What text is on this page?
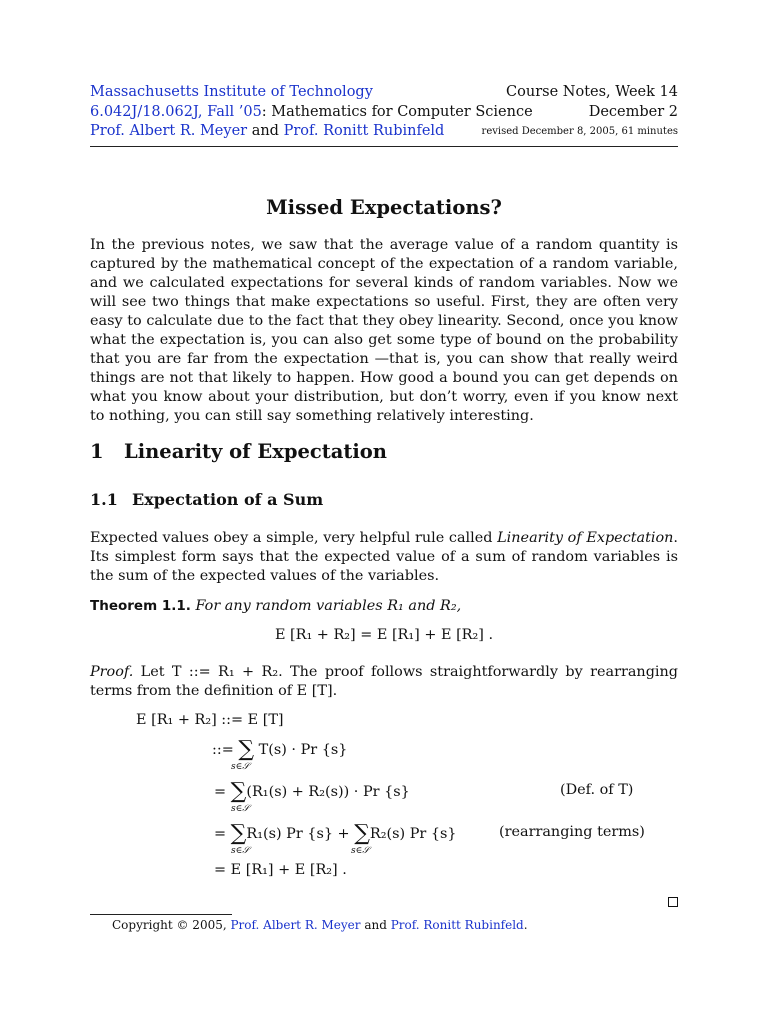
Massachusetts Institute of Technology
6.042J/18.062J, Fall ’05: Mathematics for Computer Science
Prof. Albert R. Meyer and Prof. Ronitt Rubinfeld
Course Notes, Week 14
December 2
revised December 8, 2005, 61 minutes
Missed Expectations?

In the previous notes, we saw that the average value of a random quantity is captured by the mathematical concept of the expectation of a random variable, and we calculated expectations for several kinds of random variables. Now we will see two things that make expectations so useful. First, they are often very easy to calculate due to the fact that they obey linearity. Second, once you know what the expectation is, you can also get some type of bound on the probability that you are far from the expectation —that is, you can show that really weird things are not that likely to happen. How good a bound you can get depends on what you know about your distribution, but don’t worry, even if you know next to nothing, you can still say something relatively interesting.

1 Linearity of Expectation
1.1 Expectation of a Sum

Expected values obey a simple, very helpful rule called Linearity of Expectation. Its simplest form says that the expected value of a sum of random variables is the sum of the expected values of the variables.

Theorem 1.1. For any random variables R₁ and R₂,
E [R₁ + R₂] = E [R₁] + E [R₂] .

Proof. Let T ::= R₁ + R₂. The proof follows straightforwardly by rearranging terms from the definition of E [T].

E [R₁ + R₂] ::= E [T]
::= ∑ T(s) · Pr {s}
s∈𝒮
= ∑(R₁(s) + R₂(s)) · Pr {s}
s∈𝒮
(Def. of T)
= ∑R₁(s) Pr {s} + ∑R₂(s) Pr {s}
s∈𝒮	s∈𝒮
(rearranging terms)
= E [R₁] + E [R₂] .
Copyright © 2005, Prof. Albert R. Meyer and Prof. Ronitt Rubinfeld.
